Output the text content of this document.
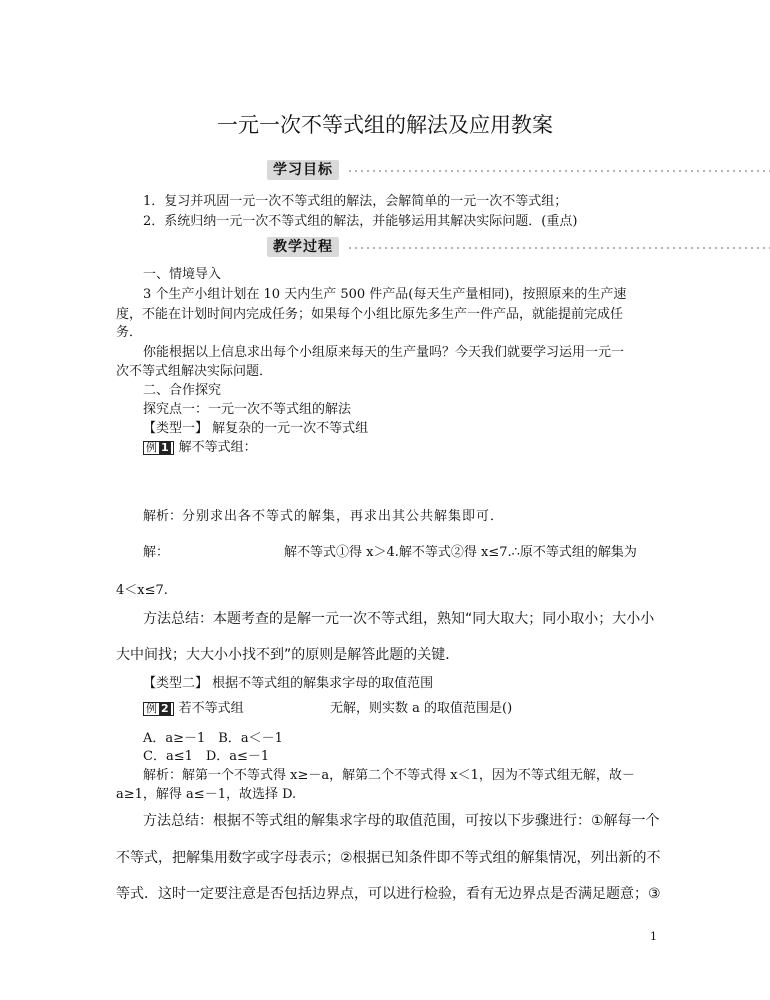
一元一次不等式组的解法及应用教案
学习目标
1．复习并巩固一元一次不等式组的解法，会解简单的一元一次不等式组；
2．系统归纳一元一次不等式组的解法，并能够运用其解决实际问题．(重点)
教学过程
一、情境导入
3 个生产小组计划在 10 天内生产 500 件产品(每天生产量相同)，按照原来的生产速
度，不能在计划时间内完成任务；如果每个小组比原先多生产一件产品，就能提前完成任
务．
你能根据以上信息求出每个小组原来每天的生产量吗？今天我们就要学习运用一元一
次不等式组解决实际问题．
二、合作探究
探究点一：一元一次不等式组的解法
【类型一】 解复杂的一元一次不等式组
例 1 解不等式组：
解析：分别求出各不等式的解集，再求出其公共解集即可．
解：	解不等式①得 x＞4.解不等式②得 x≤7.∴原不等式组的解集为
4＜x≤7.
方法总结：本题考查的是解一元一次不等式组，熟知“同大取大；同小取小；大小小
大中间找；大大小小找不到”的原则是解答此题的关键．
【类型二】 根据不等式组的解集求字母的取值范围
例 2 若不等式组	无解，则实数 a 的取值范围是()
A．a≥－1　B．a＜－1
C．a≤1　D．a≤－1
解析：解第一个不等式得 x≥－a，解第二个不等式得 x＜1，因为不等式组无解，故－
a≥1，解得 a≤－1，故选择 D.
方法总结：根据不等式组的解集求字母的取值范围，可按以下步骤进行：①解每一个
不等式，把解集用数字或字母表示；②根据已知条件即不等式组的解集情况，列出新的不
等式．这时一定要注意是否包括边界点，可以进行检验，看有无边界点是否满足题意；③
1
